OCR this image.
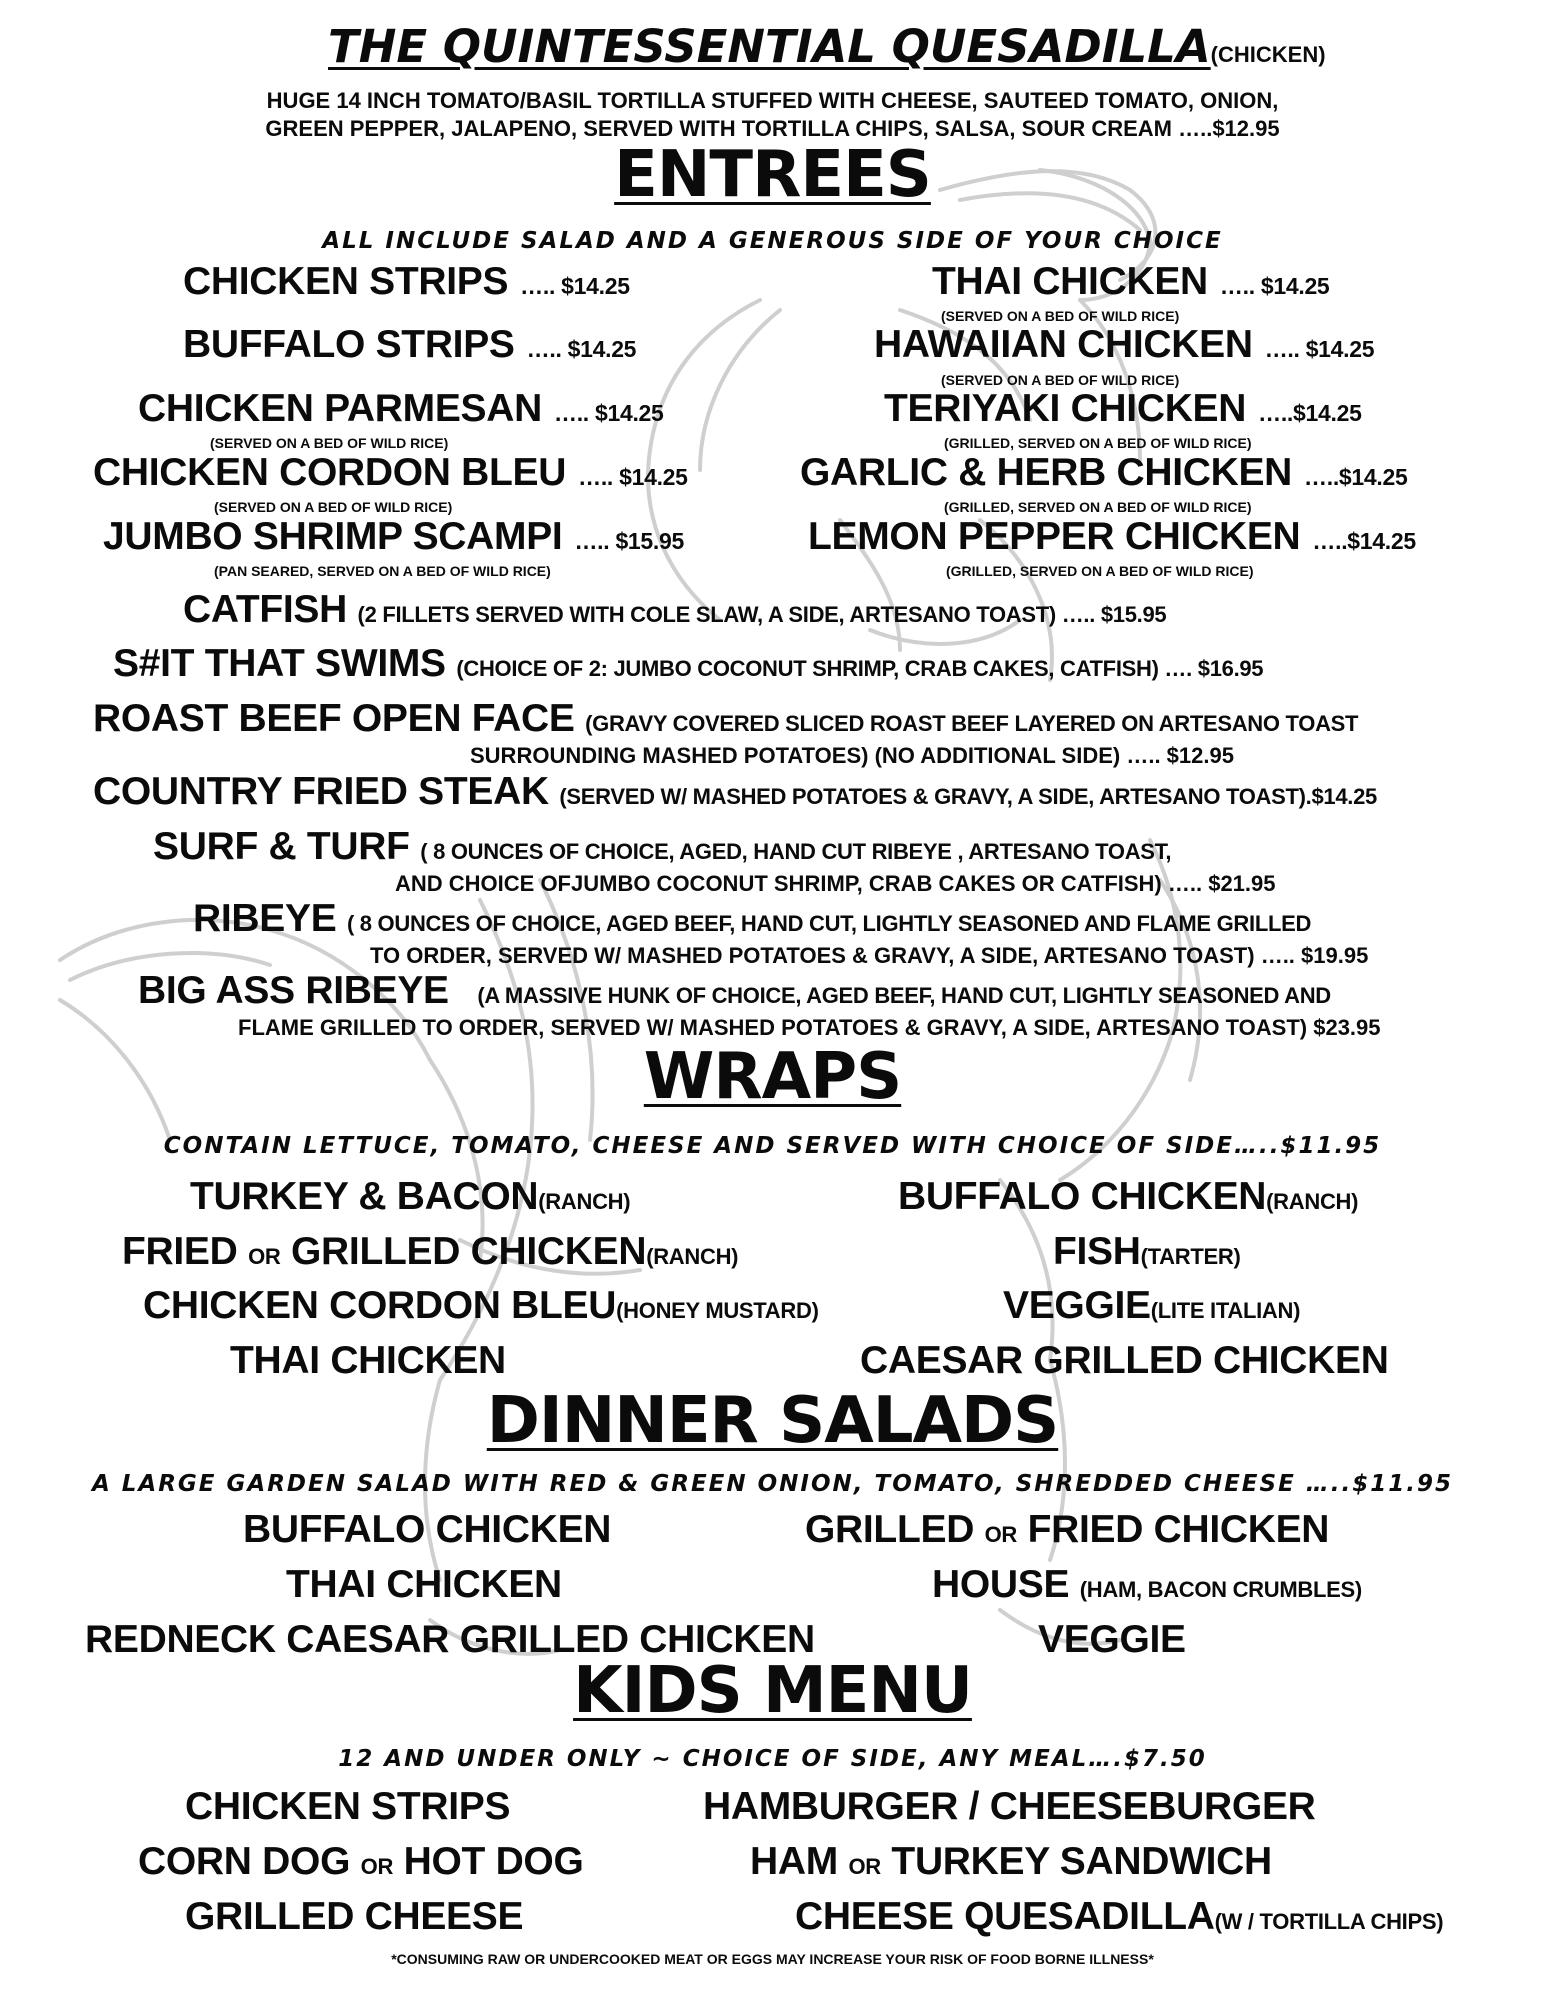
THE QUINTESSENTIAL QUESADILLA(CHICKEN)
HUGE 14 INCH TOMATO/BASIL TORTILLA STUFFED WITH CHEESE, SAUTEED TOMATO, ONION,
GREEN PEPPER, JALAPENO, SERVED WITH TORTILLA CHIPS, SALSA, SOUR CREAM …..$12.95
ENTREES
ALL INCLUDE SALAD AND A GENEROUS SIDE OF YOUR CHOICE
CHICKEN STRIPS ….. $14.25
BUFFALO STRIPS ….. $14.25
CHICKEN PARMESAN ….. $14.25
(SERVED ON A BED OF WILD RICE)
CHICKEN CORDON BLEU ….. $14.25
(SERVED ON A BED OF WILD RICE)
JUMBO SHRIMP SCAMPI ….. $15.95
(PAN SEARED, SERVED ON A BED OF WILD RICE)
THAI CHICKEN ….. $14.25
(SERVED ON A BED OF WILD RICE)
HAWAIIAN CHICKEN ….. $14.25
(SERVED ON A BED OF WILD RICE)
TERIYAKI CHICKEN …..$14.25
(GRILLED, SERVED ON A BED OF WILD RICE)
GARLIC & HERB CHICKEN …..$14.25
(GRILLED, SERVED ON A BED OF WILD RICE)
LEMON PEPPER CHICKEN …..$14.25
(GRILLED, SERVED ON A BED OF WILD RICE)
CATFISH (2 FILLETS SERVED WITH COLE SLAW, A SIDE, ARTESANO TOAST) ….. $15.95
S#IT THAT SWIMS (CHOICE OF 2: JUMBO COCONUT SHRIMP, CRAB CAKES, CATFISH) …. $16.95
ROAST BEEF OPEN FACE (GRAVY COVERED SLICED ROAST BEEF LAYERED ON ARTESANO TOAST
SURROUNDING MASHED POTATOES) (NO ADDITIONAL SIDE) ….. $12.95
COUNTRY FRIED STEAK (SERVED W/ MASHED POTATOES & GRAVY, A SIDE, ARTESANO TOAST).$14.25
SURF & TURF ( 8 OUNCES OF CHOICE, AGED, HAND CUT RIBEYE , ARTESANO TOAST,
AND CHOICE OFJUMBO COCONUT SHRIMP, CRAB CAKES OR CATFISH) ….. $21.95
RIBEYE ( 8 OUNCES OF CHOICE, AGED BEEF, HAND CUT, LIGHTLY SEASONED AND FLAME GRILLED
TO ORDER, SERVED W/ MASHED POTATOES & GRAVY, A SIDE, ARTESANO TOAST) ….. $19.95
BIG ASS RIBEYE (A MASSIVE HUNK OF CHOICE, AGED BEEF, HAND CUT, LIGHTLY SEASONED AND
FLAME GRILLED TO ORDER, SERVED W/ MASHED POTATOES & GRAVY, A SIDE, ARTESANO TOAST) $23.95
WRAPS
CONTAIN LETTUCE, TOMATO, CHEESE AND SERVED WITH CHOICE OF SIDE…..$11.95
TURKEY & BACON(RANCH)	BUFFALO CHICKEN(RANCH)
FRIED OR GRILLED CHICKEN(RANCH)	FISH(TARTER)
CHICKEN CORDON BLEU(HONEY MUSTARD)	VEGGIE(LITE ITALIAN)
THAI CHICKEN	CAESAR GRILLED CHICKEN
DINNER SALADS
A LARGE GARDEN SALAD WITH RED & GREEN ONION, TOMATO, SHREDDED CHEESE …..$11.95
BUFFALO CHICKEN	GRILLED OR FRIED CHICKEN
THAI CHICKEN	HOUSE (HAM, BACON CRUMBLES)
REDNECK CAESAR GRILLED CHICKEN	VEGGIE
KIDS MENU
12 AND UNDER ONLY ~ CHOICE OF SIDE, ANY MEAL….$7.50
CHICKEN STRIPS	HAMBURGER / CHEESEBURGER
CORN DOG OR HOT DOG	HAM OR TURKEY SANDWICH
GRILLED CHEESE	CHEESE QUESADILLA(W / TORTILLA CHIPS)
*CONSUMING RAW OR UNDERCOOKED MEAT OR EGGS MAY INCREASE YOUR RISK OF FOOD BORNE ILLNESS*
